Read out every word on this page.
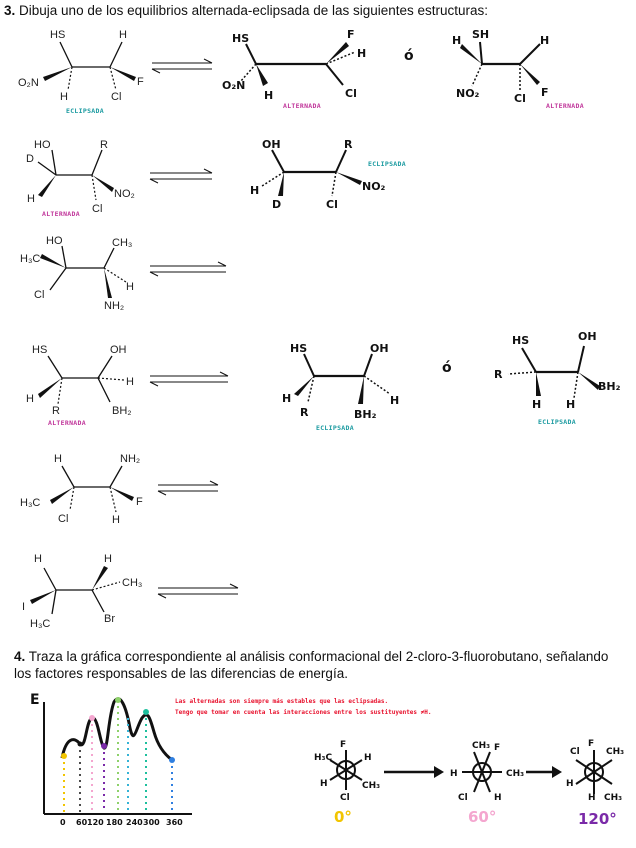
3. Dibuja uno de los equilibrios alternada-eclipsada de las siguientes estructuras:
HS	H
O₂N	F
H	Cl
ECLIPSADA
HS	F
H
O₂N
H	Cl
ALTERNADA
ó
H SH	H
NO₂	Cl F
ALTERNADA
HO	R
D
H	NO₂
Cl
ALTERNADA
OH	R
ECLIPSADA
H	NO₂
D	Cl
HO	CH₃
H₃C
H
Cl
NH₂
HS	OH
H
H
R	BH₂
ALTERNADA
HS	OH
H	H
R	BH₂
ECLIPSADA
ó
HS	OH
R
BH₂
H H
ECLIPSADA
H	NH₂
H₃C	F
Cl	H
H	H
CH₃
I
H₃C	Br
4. Traza la gráfica correspondiente al análisis conformacional del 2-cloro-3-fluorobutano, señalando
los factores responsables de las diferencias de energía.
Las alternadas son siempre más estables que las eclipsadas.
Tengo que tomar en cuenta las interacciones entre los sustituyentes ≠H.
E
0 60 120 180 240 300 360
F
H₃C	H
H	CH₃
Cl
0°
CH₃ F
H	CH₃
Cl	H
60°
Cl
F
CH₃
H
H CH₃
120°
